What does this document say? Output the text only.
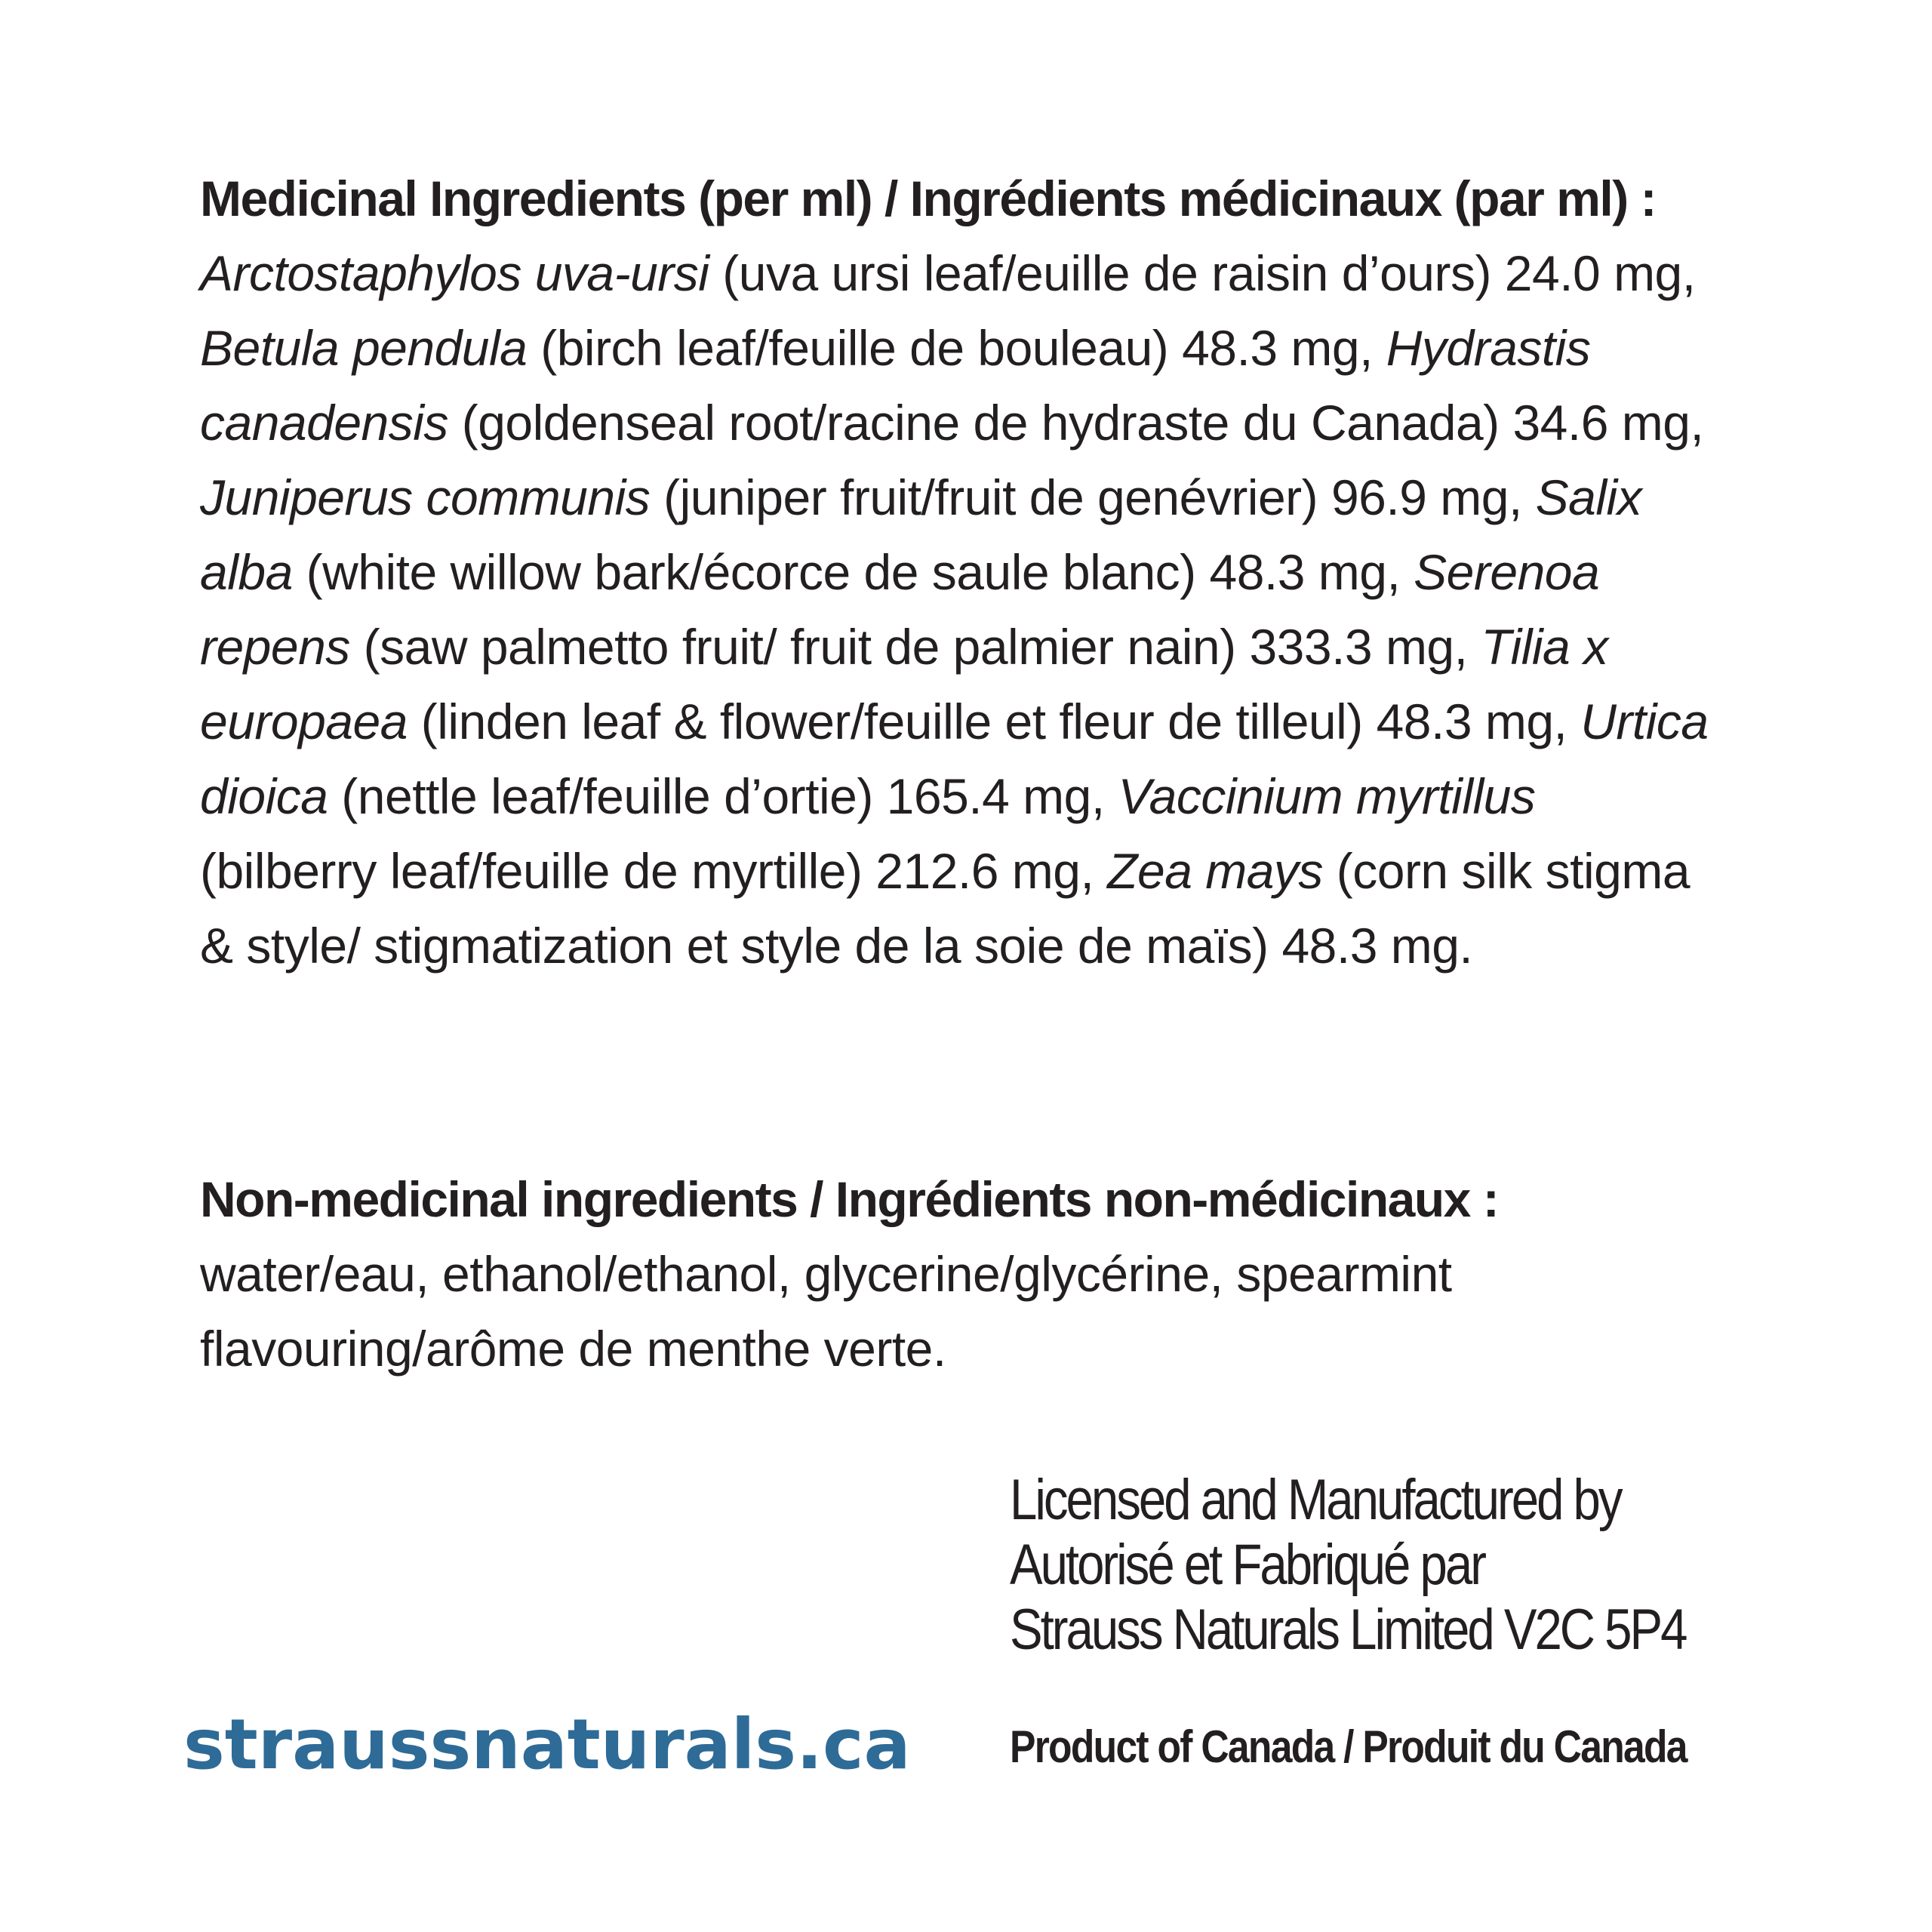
Medicinal Ingredients (per ml) / Ingrédients médicinaux (par ml) :  Arctostaphylos uva-ursi (uva ursi leaf/euille de raisin d’ours) 24.0 mg, Betula pendula (birch leaf/feuille de bouleau) 48.3 mg, Hydrastis canadensis (goldenseal root/racine de hydraste du Canada) 34.6 mg, Juniperus communis (juniper fruit/fruit de genévrier) 96.9 mg, Salix alba (white willow bark/écorce de saule blanc) 48.3 mg, Serenoa repens (saw palmetto fruit/ fruit de palmier nain) 333.3 mg, Tilia x europaea (linden leaf & flower/feuille et fleur de tilleul) 48.3 mg, Urtica dioica (nettle leaf/feuille d’ortie) 165.4 mg, Vaccinium myrtillus (bilberry leaf/feuille de myrtille) 212.6 mg, Zea mays (corn silk stigma & style/ stigmatization et style de la soie de maïs) 48.3 mg.
Non-medicinal ingredients / Ingrédients non-médicinaux :
water/eau, ethanol/ethanol, glycerine/glycérine, spearmint flavouring/arôme de menthe verte.
Licensed and Manufactured by
Autorisé et Fabriqué par
Strauss Naturals Limited V2C 5P4
straussnaturals.ca Product of Canada / Produit du Canada
